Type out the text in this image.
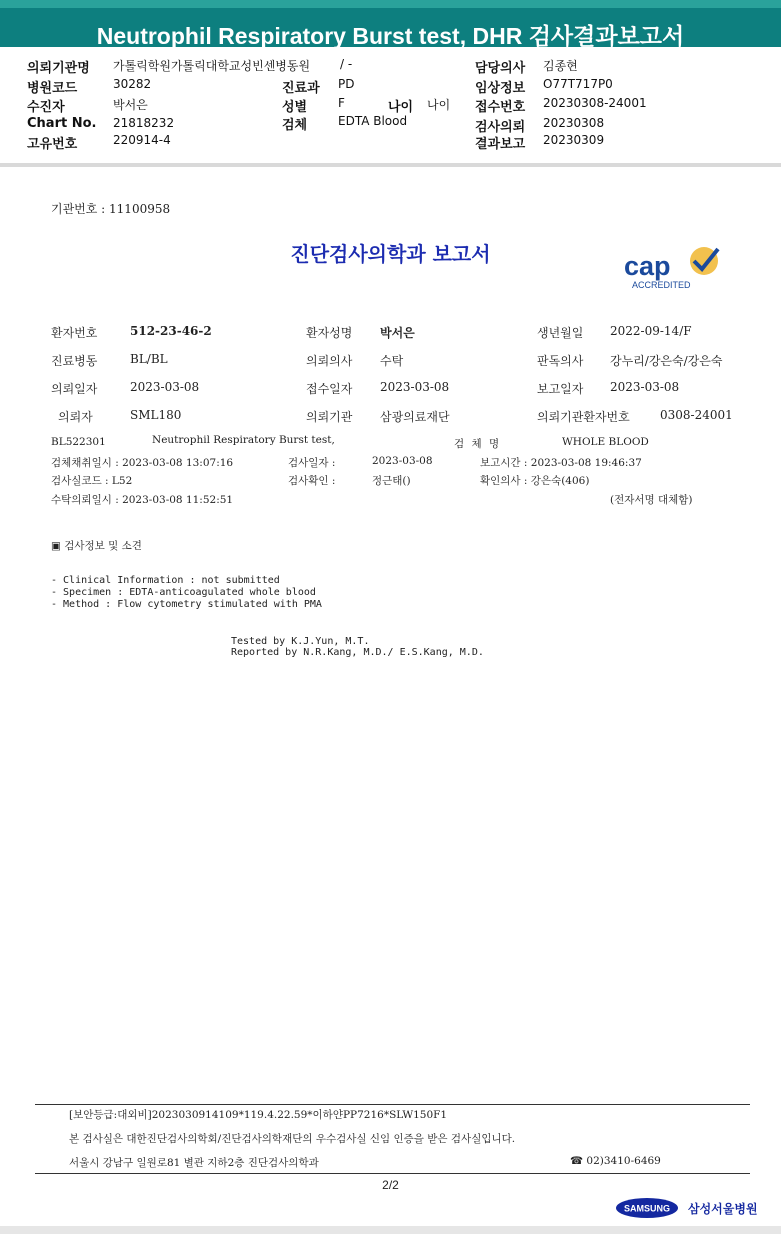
Neutrophil Respiratory Burst test, DHR 검사결과보고서
의뢰기관명 가톨릭학원가톨릭대학교성빈센병동원 / -
병원코드	30282	진료과 PD
수진자	박서은	성별	F	나이 나이
Chart No. 21818232	검체	EDTA Blood
고유번호	220914-4
담당의사 김종현
임상정보 O77T717P0
접수번호 20230308-24001
검사의뢰 20230308
결과보고 20230309
기관번호 : 11100958
진단검사의학과 보고서	cap
ACCREDITED
환자번호	512-23-46-2	환자성명 박서은	생년월일 2022-09-14/F
진료병동	BL/BL	의뢰의사 수탁	판독의사 강누리/강은숙/강은숙
의뢰일자	2023-03-08	접수일자 2023-03-08	보고일자 2023-03-08
의뢰자	SML180	의뢰기관 삼광의료재단	의뢰기관환자번호	0308-24001
BL522301	Neutrophil Respiratory Burst test,	검 체 명	WHOLE BLOOD
검체채취일시 : 2023-03-08 13:07:16	검사일자 :	2023-03-08	보고시간 : 2023-03-08 19:46:37
검사실코드 : L52	검사확인 :	정근태()	확인의사 : 강은숙(406)
수탁의뢰일시 : 2023-03-08 11:52:51	(전자서명 대체함)
▣ 검사정보 및 소견
- Clinical Information : not submitted
- Specimen : EDTA-anticoagulated whole blood
- Method : Flow cytometry stimulated with PMA
Tested by K.J.Yun, M.T.
Reported by N.R.Kang, M.D./ E.S.Kang, M.D.
[보안등급:대외비]2023030914109*119.4.22.59*이하얀PP7216*SLW150F1
본 검사실은 대한진단검사의학회/진단검사의학재단의 우수검사실 신임 인증을 받은 검사실입니다.
서울시 강남구 일원로81 별관 지하2층 진단검사의학과	☎ 02)3410-6469
2/2
SAMSUNG 삼성서울병원
